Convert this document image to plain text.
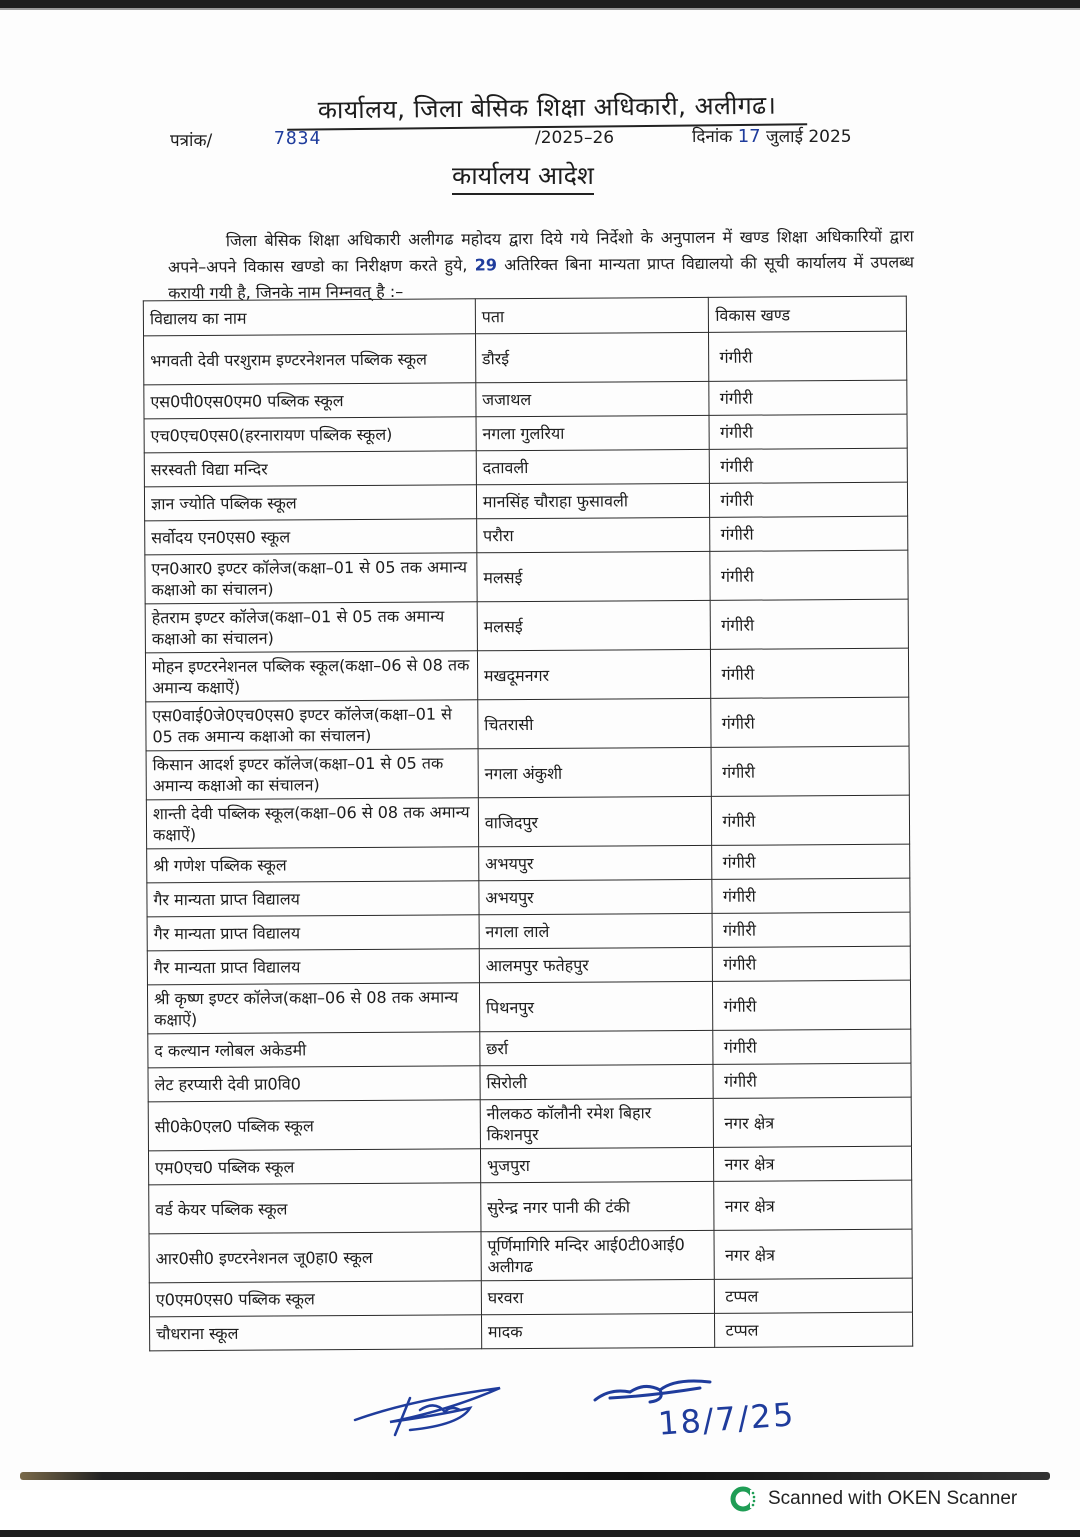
कार्यालय, जिला बेसिक शिक्षा अधिकारी, अलीगढ।
पत्रांक/	7834	/2025–26	दिनांक 17 जुलाई 2025
कार्यालय आदेश
जिला बेसिक शिक्षा अधिकारी अलीगढ महोदय द्वारा दिये गये निर्देशो के अनुपालन में खण्ड शिक्षा अधिकारियों द्वारा अपने–अपने विकास खण्डो का निरीक्षण करते हुये, 29 अतिरिक्त बिना मान्यता प्राप्त विद्यालयो की सूची कार्यालय में उपलब्ध करायी गयी है, जिनके नाम निम्नवत् है :–
विद्यालय का नाम	पता	विकास खण्ड
भगवती देवी परशुराम इण्टरनेशनल पब्लिक स्कूल	डौरई	गंगीरी
एस0पी0एस0एम0 पब्लिक स्कूल	जजाथल	गंगीरी
एच0एच0एस0(हरनारायण पब्लिक स्कूल)	नगला गुलरिया	गंगीरी
सरस्वती विद्या मन्दिर	दतावली	गंगीरी
ज्ञान ज्योति पब्लिक स्कूल	मानसिंह चौराहा फुसावली	गंगीरी
सर्वोदय एन0एस0 स्कूल	परौरा	गंगीरी
एन0आर0 इण्टर कॉलेज(कक्षा–01 से 05 तक अमान्य कक्षाओ का संचालन)	मलसई	गंगीरी
हेतराम इण्टर कॉलेज(कक्षा–01 से 05 तक अमान्य कक्षाओ का संचालन)	मलसई	गंगीरी
मोहन इण्टरनेशनल पब्लिक स्कूल(कक्षा–06 से 08 तक अमान्य कक्षाऐं)	मखदूमनगर	गंगीरी
एस0वाई0जे0एच0एस0 इण्टर कॉलेज(कक्षा–01 से 05 तक अमान्य कक्षाओ का संचालन)	चितरासी	गंगीरी
किसान आदर्श इण्टर कॉलेज(कक्षा–01 से 05 तक अमान्य कक्षाओ का संचालन)	नगला अंकुशी	गंगीरी
शान्ती देवी पब्लिक स्कूल(कक्षा–06 से 08 तक अमान्य कक्षाऐं)	वाजिदपुर	गंगीरी
श्री गणेश पब्लिक स्कूल	अभयपुर	गंगीरी
गैर मान्यता प्राप्त विद्यालय	अभयपुर	गंगीरी
गैर मान्यता प्राप्त विद्यालय	नगला लाले	गंगीरी
गैर मान्यता प्राप्त विद्यालय	आलमपुर फतेहपुर	गंगीरी
श्री कृष्ण इण्टर कॉलेज(कक्षा–06 से 08 तक अमान्य कक्षाऐं)	पिथनपुर	गंगीरी
द कल्यान ग्लोबल अकेडमी	छर्रा	गंगीरी
लेट हरप्यारी देवी प्रा0वि0	सिरोली	गंगीरी
सी0के0एल0 पब्लिक स्कूल	नीलकठ कॉलौनी रमेश बिहार किशनपुर	नगर क्षेत्र
एम0एच0 पब्लिक स्कूल	भुजपुरा	नगर क्षेत्र
वर्ड केयर पब्लिक स्कूल	सुरेन्द्र नगर पानी की टंकी	नगर क्षेत्र
आर0सी0 इण्टरनेशनल जू0हा0 स्कूल	पूर्णिमागिरि मन्दिर आई0टी0आई0 अलीगढ	नगर क्षेत्र
ए0एम0एस0 पब्लिक स्कूल	घरवरा	टप्पल
चौधराना स्कूल	मादक	टप्पल
18/7/25
Scanned with OKEN Scanner
